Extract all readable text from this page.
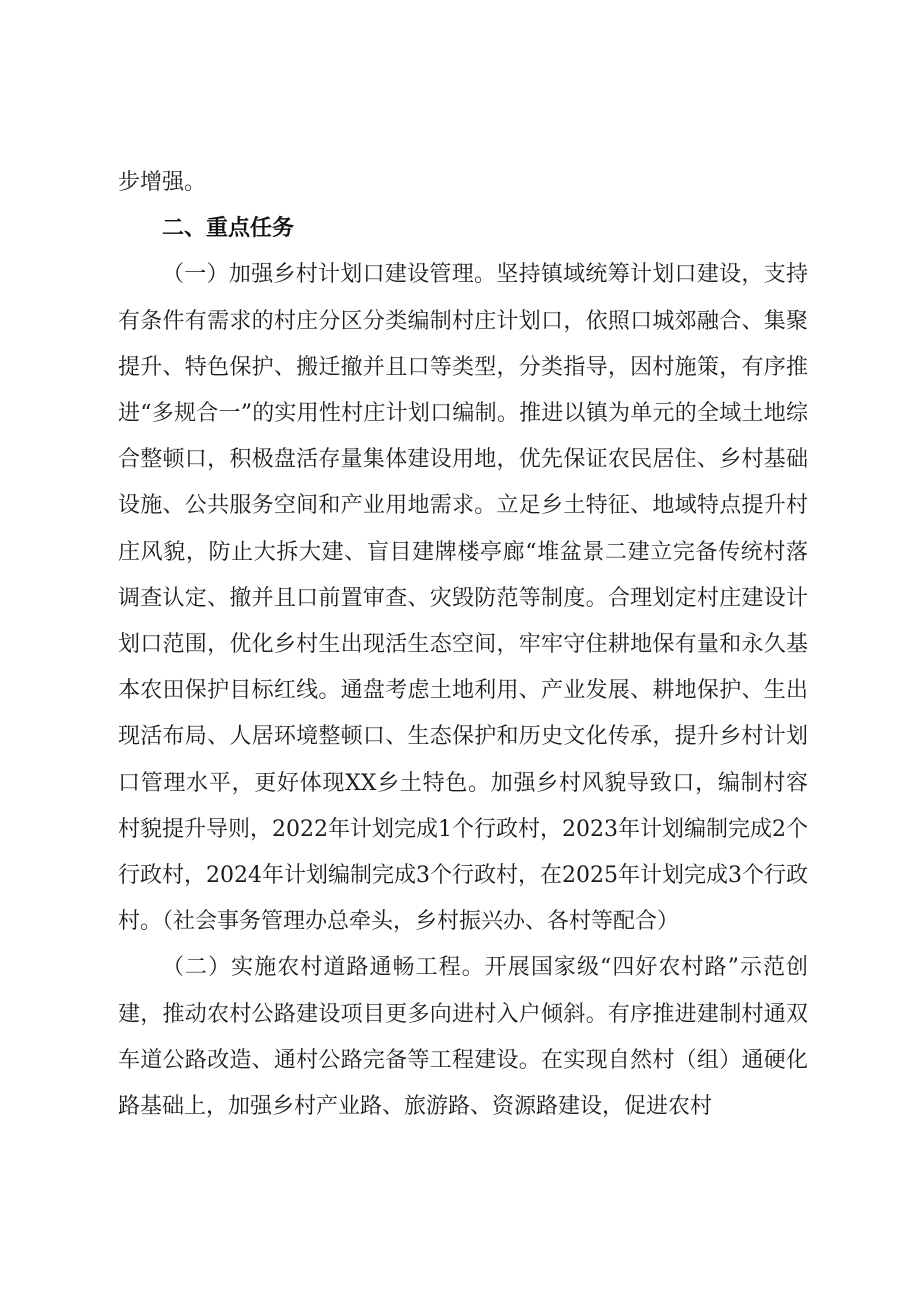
步增强。

二、重点任务

（一）加强乡村计划口建设管理。坚持镇域统筹计划口建设，支持有条件有需求的村庄分区分类编制村庄计划口，依照口城郊融合、集聚提升、特色保护、搬迁撤并且口等类型，分类指导，因村施策，有序推进“多规合一”的实用性村庄计划口编制。推进以镇为单元的全域土地综合整顿口，积极盘活存量集体建设用地，优先保证农民居住、乡村基础设施、公共服务空间和产业用地需求。立足乡土特征、地域特点提升村庄风貌，防止大拆大建、盲目建牌楼亭廊“堆盆景二建立完备传统村落调查认定、撤并且口前置审查、灾毁防范等制度。合理划定村庄建设计划口范围，优化乡村生出现活生态空间，牢牢守住耕地保有量和永久基本农田保护目标红线。通盘考虑土地利用、产业发展、耕地保护、生出现活布局、人居环境整顿口、生态保护和历史文化传承，提升乡村计划口管理水平，更好体现XX乡土特色。加强乡村风貌导致口，编制村容村貌提升导则，2022年计划完成1个行政村，2023年计划编制完成2个行政村，2024年计划编制完成3个行政村，在2025年计划完成3个行政村。（社会事务管理办总牵头，乡村振兴办、各村等配合）

（二）实施农村道路通畅工程。开展国家级“四好农村路”示范创建，推动农村公路建设项目更多向进村入户倾斜。有序推进建制村通双车道公路改造、通村公路完备等工程建设。在实现自然村（组）通硬化路基础上，加强乡村产业路、旅游路、资源路建设，促进农村
